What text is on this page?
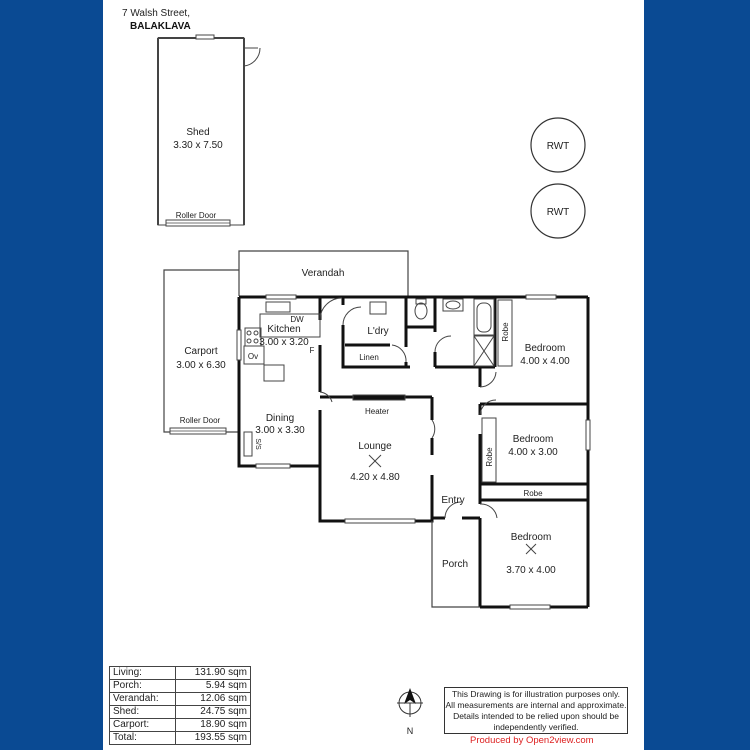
7 Walsh Street,
BALAKLAVA
Shed
3.30 x 7.50
Roller Door
RWT
RWT
Verandah
Carport
3.00 x 6.30
Roller Door
Porch
DW
Kitchen
3.00 x 3.20
F
Ov
L'dry
Linen
Dining
3.00 x 3.30
S/S
Heater
Lounge
4.20 x 4.80
Entry
Bedroom
4.00 x 4.00
Robe
Bedroom
4.00 x 3.00
Robe
Robe
Bedroom
3.70 x 4.00
N
Living:	131.90 sqm
Porch:	5.94 sqm
Verandah:	12.06 sqm
Shed:	24.75 sqm
Carport:	18.90 sqm
Total:	193.55 sqm
This Drawing is for illustration purposes only.
All measurements are internal and approximate.
Details intended to be relied upon should be
independently verified.
Produced by Open2view.com
